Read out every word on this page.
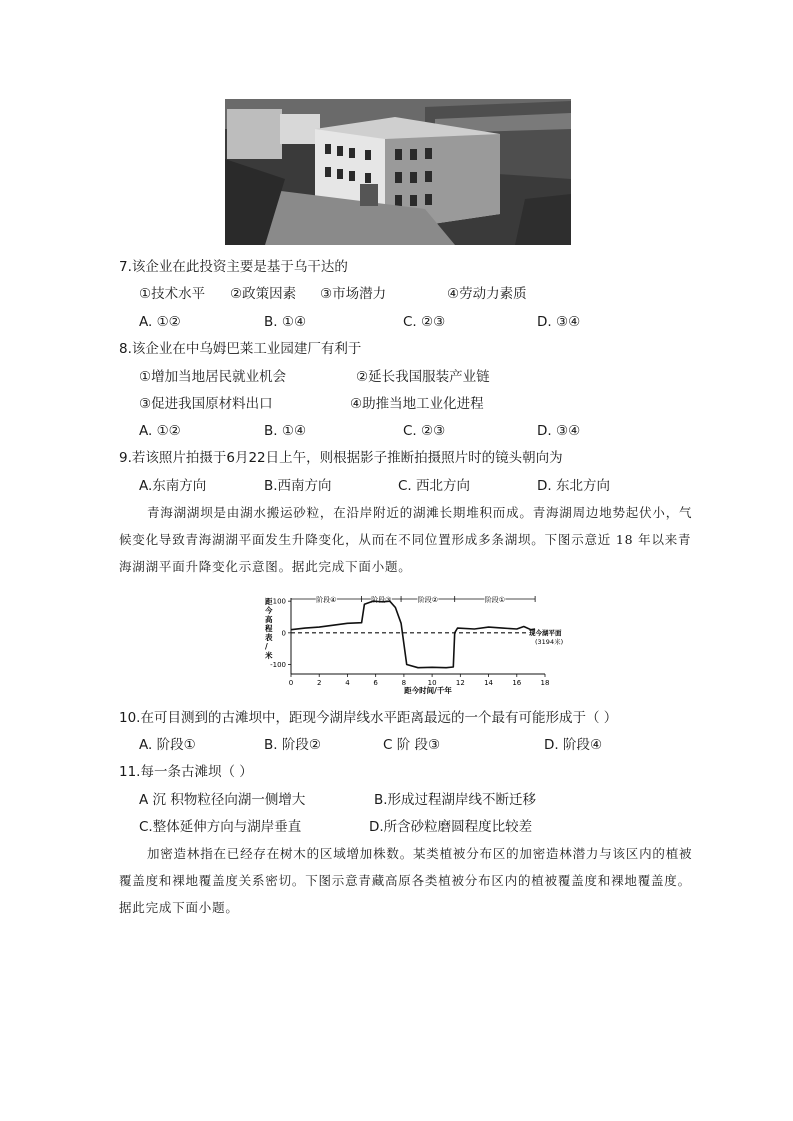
7.该企业在此投资主要是基于乌干达的
①技术水平 ②政策因素 ③市场潜力	④劳动力素质
A. ①②	B. ①④	C. ②③	D. ③④
8.该企业在中乌姆巴莱工业园建厂有利于
①增加当地居民就业机会	②延长我国服装产业链
③促进我国原材料出口	④助推当地工业化进程
A. ①②	B. ①④	C. ②③	D. ③④
9.若该照片拍摄于6月22日上午，则根据影子推断拍摄照片时的镜头朝向为
A.东南方向	B.西南方向	C. 西北方向	D. 东北方向
青海湖湖坝是由湖水搬运砂粒，在沿岸附近的湖滩长期堆积而成。青海湖周边地势起伏小，气候变化导致青海湖湖平面发生升降变化，从而在不同位置形成多条湖坝。下图示意近 18 年以来青海湖湖平面升降变化示意图。据此完成下面小题。
0	2	4	6	8	10	12	14	16	18
100
0
-100
距今高程表/米
距今时间/千年
现今湖平面
(3194米)
阶段④	阶段③	阶段②	阶段①
10.在可目测到的古滩坝中，距现今湖岸线水平距离最远的一个最有可能形成于（ ）
A. 阶段①	B. 阶段②	C 阶 段③	D. 阶段④
11.每一条古滩坝（ ）
A 沉 积物粒径向湖一侧增大	B.形成过程湖岸线不断迁移
C.整体延伸方向与湖岸垂直	D.所含砂粒磨圆程度比较差
加密造林指在已经存在树木的区域增加株数。某类植被分布区的加密造林潜力与该区内的植被覆盖度和裸地覆盖度关系密切。下图示意青藏高原各类植被分布区内的植被覆盖度和裸地覆盖度。据此完成下面小题。
